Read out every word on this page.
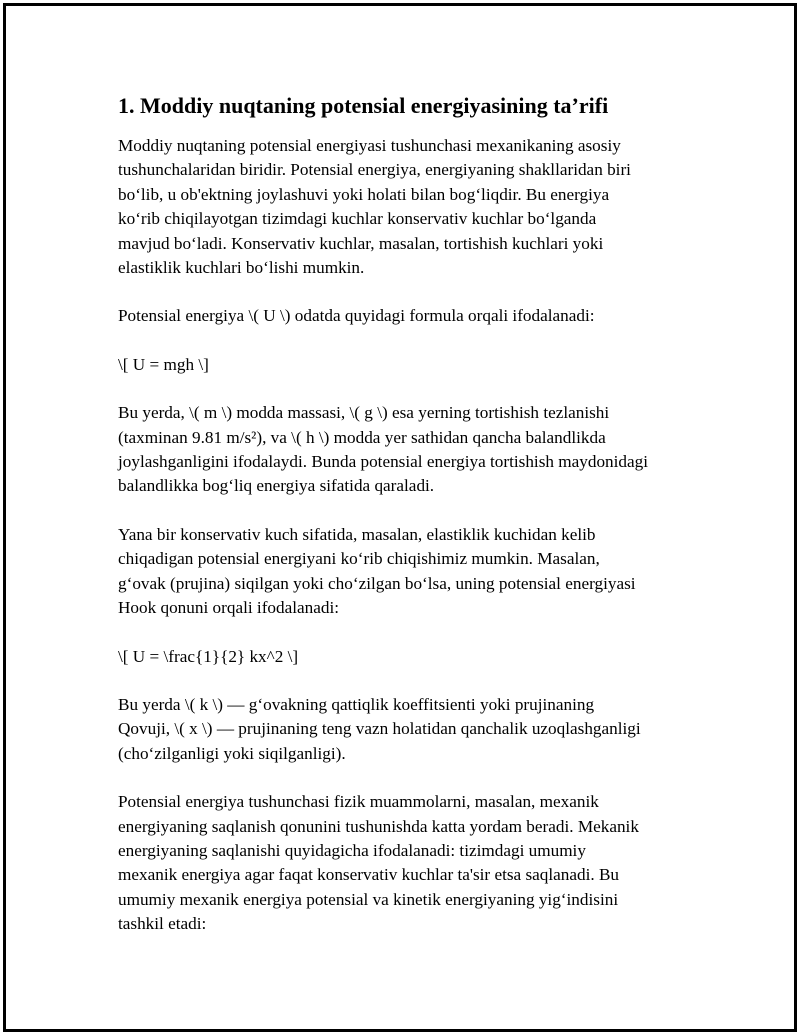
1. Moddiy nuqtaning potensial energiyasining ta’rifi

Moddiy nuqtaning potensial energiyasi tushunchasi mexanikaning asosiy
tushunchalaridan biridir. Potensial energiya, energiyaning shakllaridan biri
bo‘lib, u ob'ektning joylashuvi yoki holati bilan bog‘liqdir. Bu energiya
ko‘rib chiqilayotgan tizimdagi kuchlar konservativ kuchlar bo‘lganda
mavjud bo‘ladi. Konservativ kuchlar, masalan, tortishish kuchlari yoki
elastiklik kuchlari bo‘lishi mumkin.

Potensial energiya \( U \) odatda quyidagi formula orqali ifodalanadi:

\[ U = mgh \]

Bu yerda, \( m \) modda massasi, \( g \) esa yerning tortishish tezlanishi
(taxminan 9.81 m/s²), va \( h \) modda yer sathidan qancha balandlikda
joylashganligini ifodalaydi. Bunda potensial energiya tortishish maydonidagi
balandlikka bog‘liq energiya sifatida qaraladi.

Yana bir konservativ kuch sifatida, masalan, elastiklik kuchidan kelib
chiqadigan potensial energiyani ko‘rib chiqishimiz mumkin. Masalan,
g‘ovak (prujina) siqilgan yoki cho‘zilgan bo‘lsa, uning potensial energiyasi
Hook qonuni orqali ifodalanadi:

\[ U = \frac{1}{2} kx^2 \]

Bu yerda \( k \) — g‘ovakning qattiqlik koeffitsienti yoki prujinaning
Qovuji, \( x \) — prujinaning teng vazn holatidan qanchalik uzoqlashganligi
(cho‘zilganligi yoki siqilganligi).

Potensial energiya tushunchasi fizik muammolarni, masalan, mexanik
energiyaning saqlanish qonunini tushunishda katta yordam beradi. Mekanik
energiyaning saqlanishi quyidagicha ifodalanadi: tizimdagi umumiy
mexanik energiya agar faqat konservativ kuchlar ta'sir etsa saqlanadi. Bu
umumiy mexanik energiya potensial va kinetik energiyaning yig‘indisini
tashkil etadi:
